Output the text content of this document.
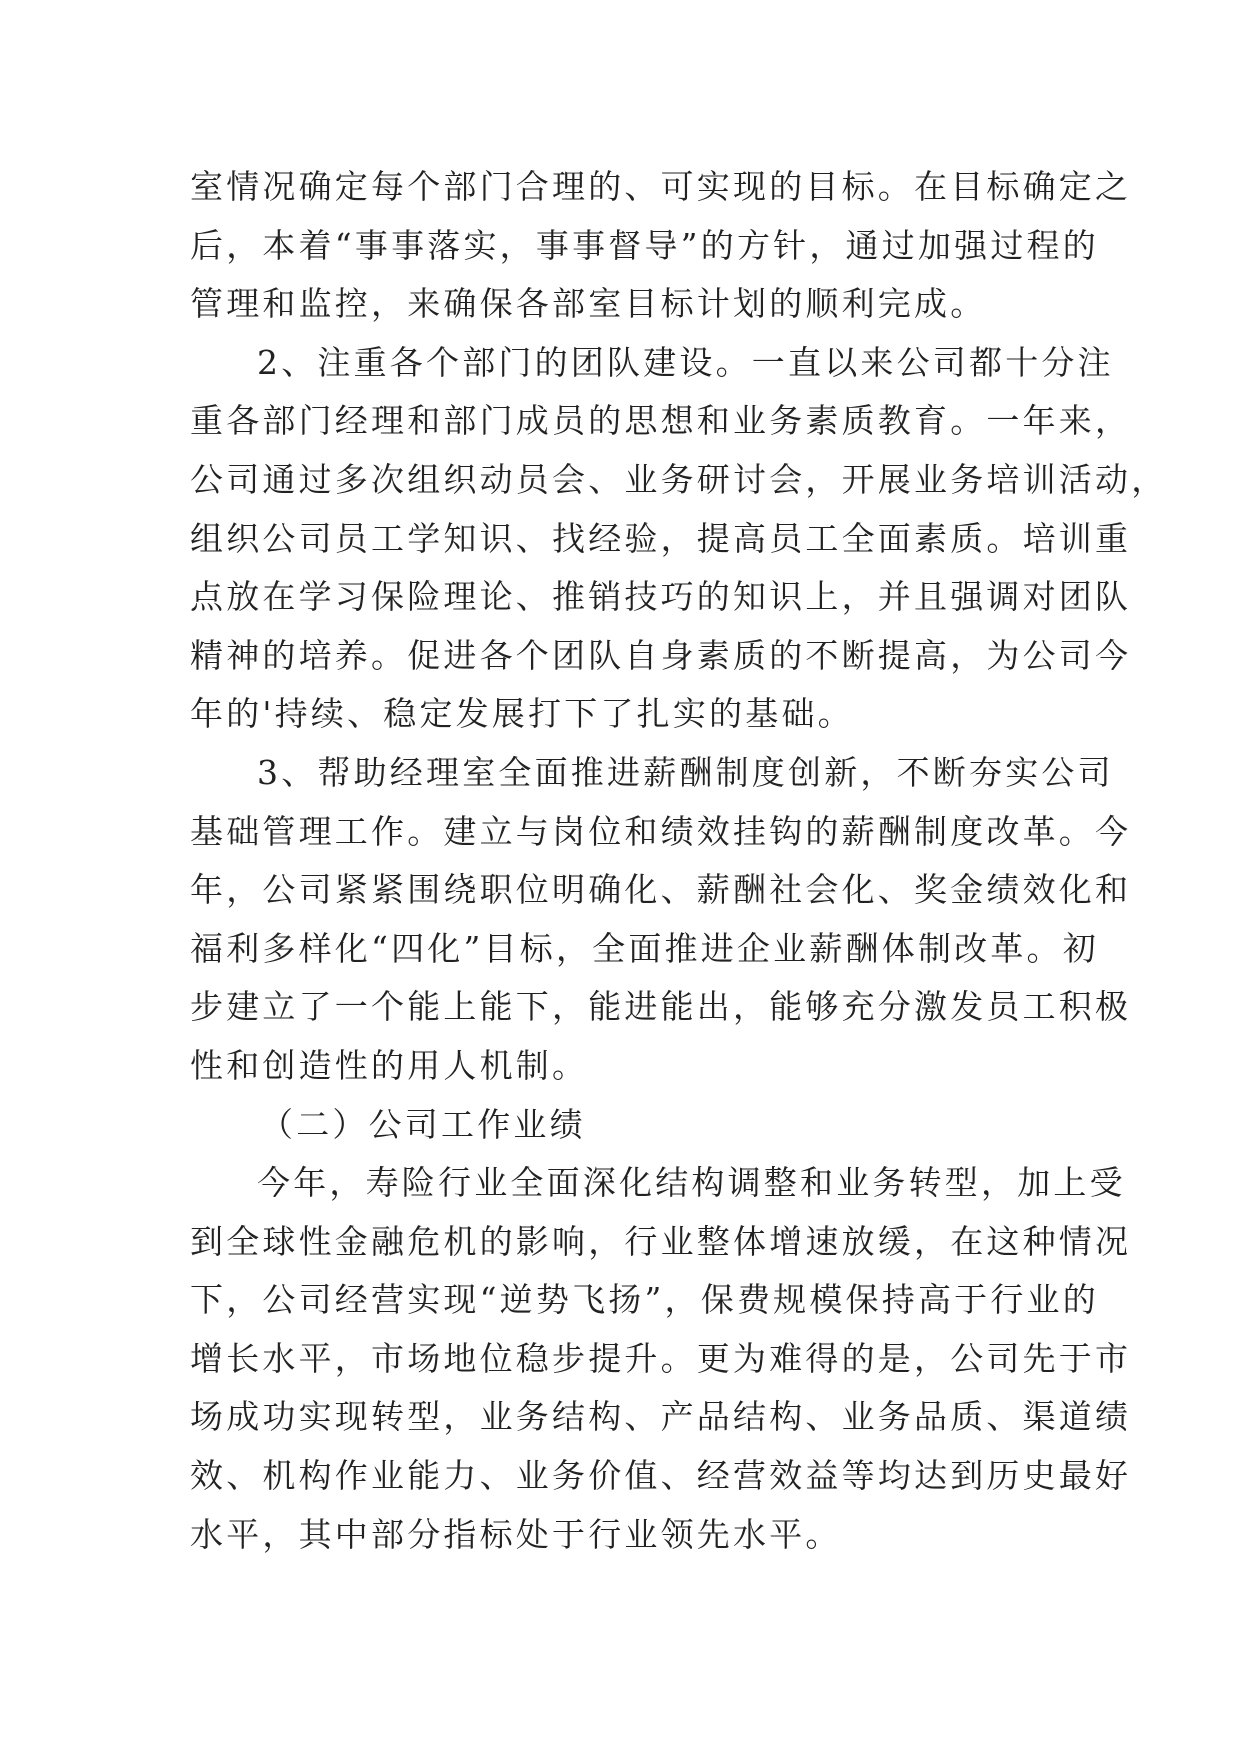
室情况确定每个部门合理的、可实现的目标。在目标确定之
后，本着“事事落实，事事督导”的方针，通过加强过程的
管理和监控，来确保各部室目标计划的顺利完成。
2、注重各个部门的团队建设。一直以来公司都十分注
重各部门经理和部门成员的思想和业务素质教育。一年来，
公司通过多次组织动员会、业务研讨会，开展业务培训活动，
组织公司员工学知识、找经验，提高员工全面素质。培训重
点放在学习保险理论、推销技巧的知识上，并且强调对团队
精神的培养。促进各个团队自身素质的不断提高，为公司今
年的'持续、稳定发展打下了扎实的基础。
3、帮助经理室全面推进薪酬制度创新，不断夯实公司
基础管理工作。建立与岗位和绩效挂钩的薪酬制度改革。今
年，公司紧紧围绕职位明确化、薪酬社会化、奖金绩效化和
福利多样化“四化”目标，全面推进企业薪酬体制改革。初
步建立了一个能上能下，能进能出，能够充分激发员工积极
性和创造性的用人机制。
（二）公司工作业绩
今年，寿险行业全面深化结构调整和业务转型，加上受
到全球性金融危机的影响，行业整体增速放缓，在这种情况
下，公司经营实现“逆势飞扬”，保费规模保持高于行业的
增长水平，市场地位稳步提升。更为难得的是，公司先于市
场成功实现转型，业务结构、产品结构、业务品质、渠道绩
效、机构作业能力、业务价值、经营效益等均达到历史最好
水平，其中部分指标处于行业领先水平。
